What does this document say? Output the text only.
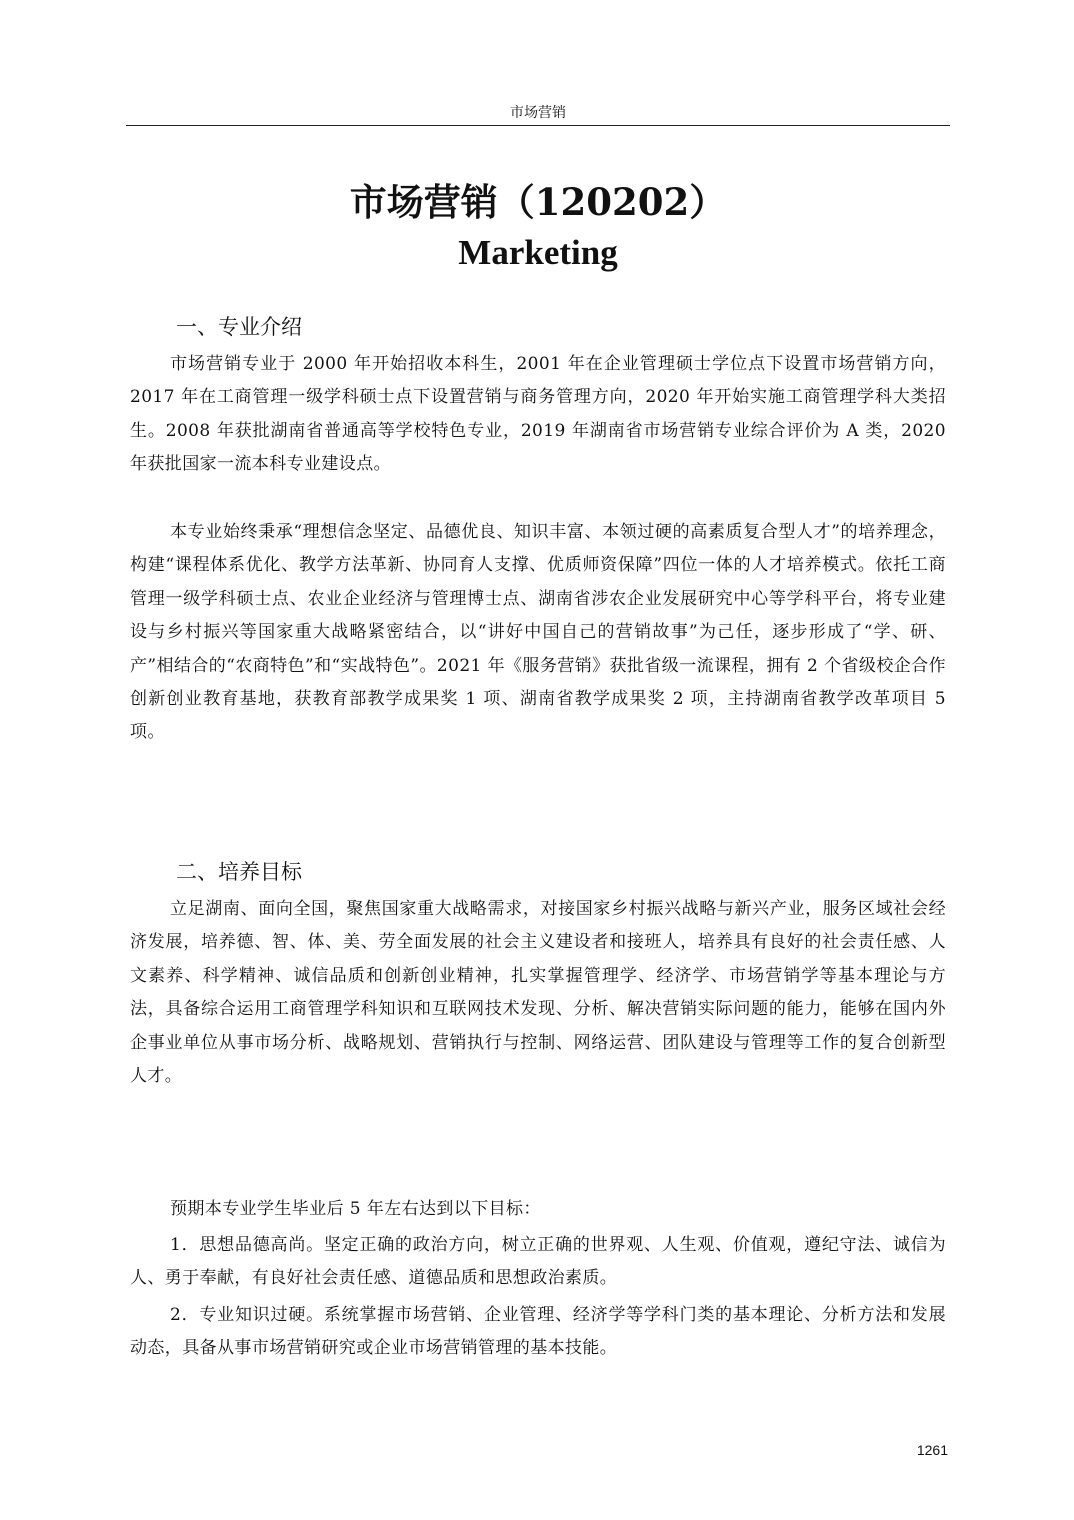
市场营销
市场营销（120202）
Marketing
一、专业介绍

市场营销专业于 2000 年开始招收本科生，2001 年在企业管理硕士学位点下设置市场营销方向，2017 年在工商管理一级学科硕士点下设置营销与商务管理方向，2020 年开始实施工商管理学科大类招生。2008 年获批湖南省普通高等学校特色专业，2019 年湖南省市场营销专业综合评价为 A 类，2020 年获批国家一流本科专业建设点。

本专业始终秉承“理想信念坚定、品德优良、知识丰富、本领过硬的高素质复合型人才”的培养理念，构建“课程体系优化、教学方法革新、协同育人支撑、优质师资保障”四位一体的人才培养模式。依托工商管理一级学科硕士点、农业企业经济与管理博士点、湖南省涉农企业发展研究中心等学科平台，将专业建设与乡村振兴等国家重大战略紧密结合，以“讲好中国自己的营销故事”为己任，逐步形成了“学、研、产”相结合的“农商特色”和“实战特色”。2021 年《服务营销》获批省级一流课程，拥有 2 个省级校企合作创新创业教育基地，获教育部教学成果奖 1 项、湖南省教学成果奖 2 项，主持湖南省教学改革项目 5 项。

二、培养目标

立足湖南、面向全国，聚焦国家重大战略需求，对接国家乡村振兴战略与新兴产业，服务区域社会经济发展，培养德、智、体、美、劳全面发展的社会主义建设者和接班人，培养具有良好的社会责任感、人文素养、科学精神、诚信品质和创新创业精神，扎实掌握管理学、经济学、市场营销学等基本理论与方法，具备综合运用工商管理学科知识和互联网技术发现、分析、解决营销实际问题的能力，能够在国内外企事业单位从事市场分析、战略规划、营销执行与控制、网络运营、团队建设与管理等工作的复合创新型人才。

预期本专业学生毕业后 5 年左右达到以下目标：

1．思想品德高尚。坚定正确的政治方向，树立正确的世界观、人生观、价值观，遵纪守法、诚信为人、勇于奉献，有良好社会责任感、道德品质和思想政治素质。

2．专业知识过硬。系统掌握市场营销、企业管理、经济学等学科门类的基本理论、分析方法和发展动态，具备从事市场营销研究或企业市场营销管理的基本技能。

1261
